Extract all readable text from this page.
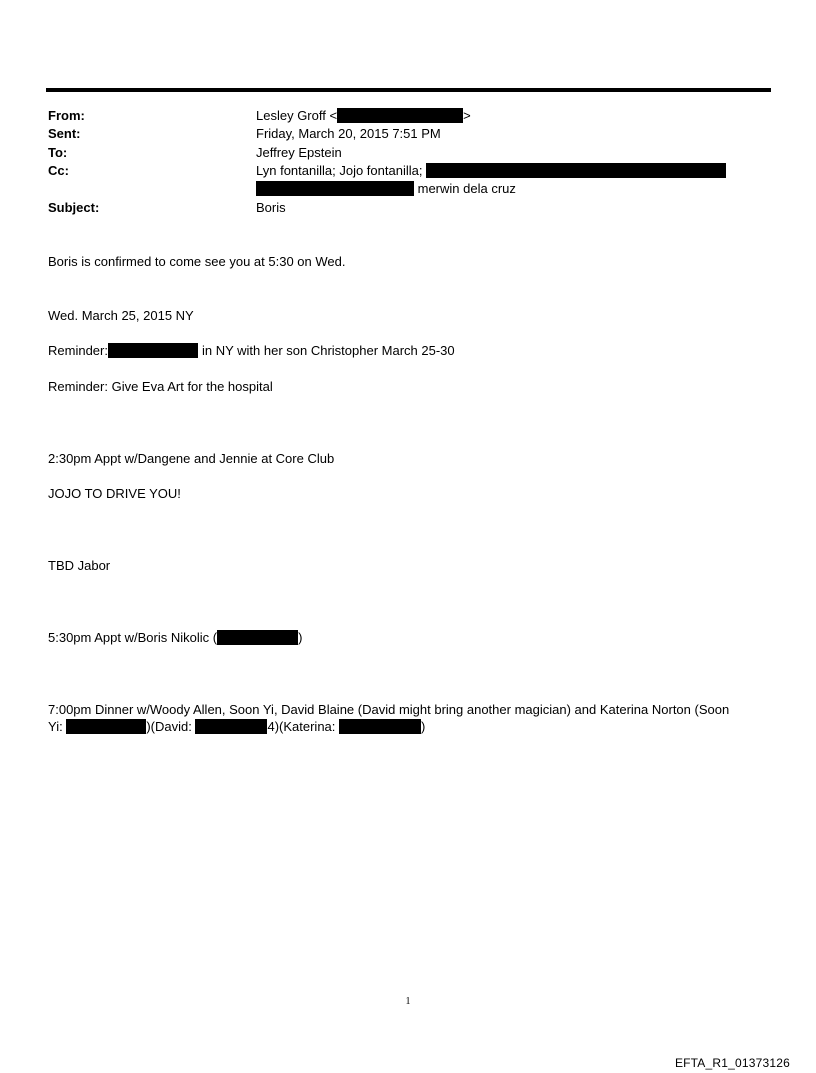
From:	Lesley Groff <	>
Sent:	Friday, March 20, 2015 7:51 PM
To:	Jeffrey Epstein
Cc:	Lyn fontanilla; Jojo fontanilla;
merwin dela cruz
Subject:	Boris
Boris is confirmed to come see you at 5:30 on Wed.
Wed. March 25, 2015 NY
Reminder:	in NY with her son Christopher March 25-30
Reminder: Give Eva Art for the hospital
2:30pm Appt w/Dangene and Jennie at Core Club
JOJO TO DRIVE YOU!
TBD Jabor
5:30pm Appt w/Boris Nikolic (	)
7:00pm Dinner w/Woody Allen, Soon Yi, David Blaine (David might bring another magician) and Katerina Norton (Soon
Yi:	)(David:	4)(Katerina:	)
1
EFTA_R1_01373126
